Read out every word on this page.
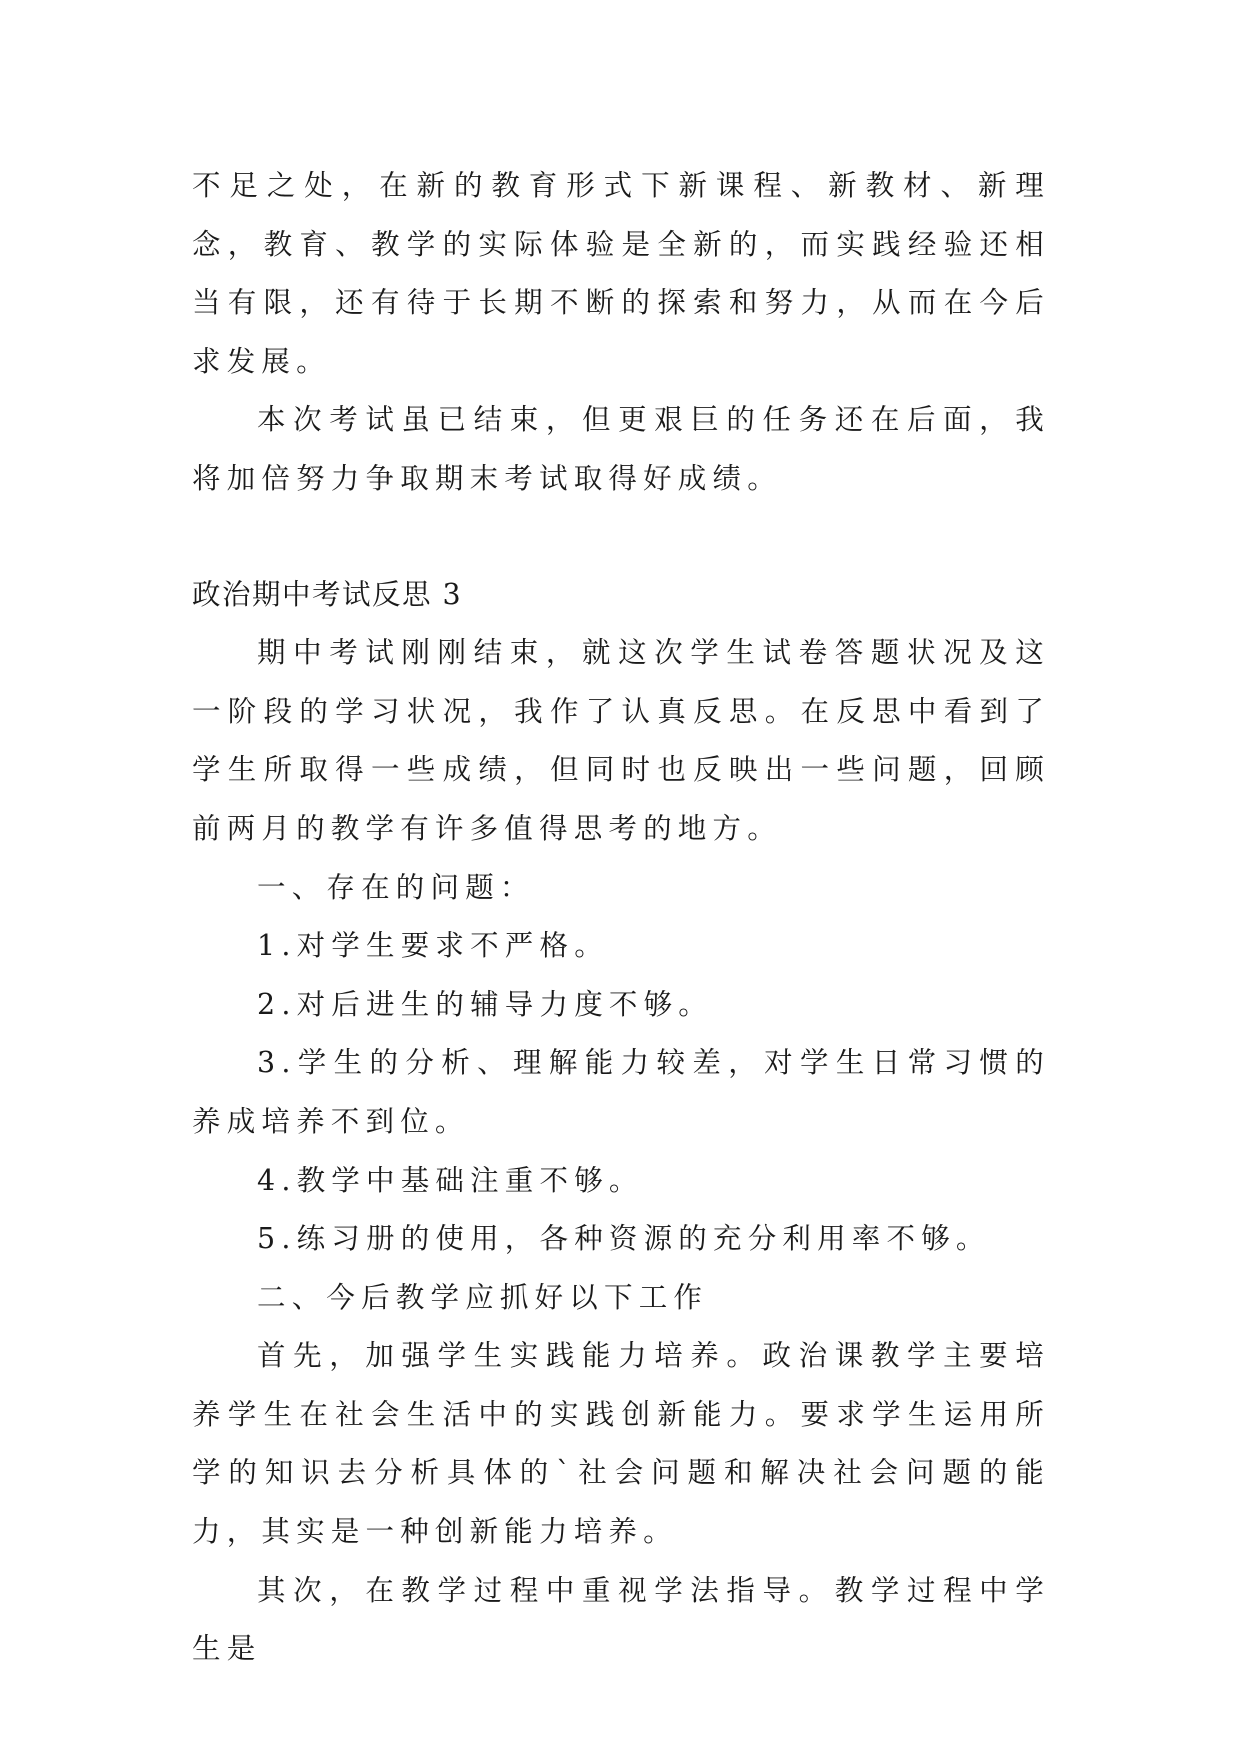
不足之处，在新的教育形式下新课程、新教材、新理念，教育、教学的实际体验是全新的，而实践经验还相当有限，还有待于长期不断的探索和努力，从而在今后求发展。

本次考试虽已结束，但更艰巨的任务还在后面，我将加倍努力争取期末考试取得好成绩。

政治期中考试反思 3

期中考试刚刚结束，就这次学生试卷答题状况及这一阶段的学习状况，我作了认真反思。在反思中看到了学生所取得一些成绩，但同时也反映出一些问题，回顾前两月的教学有许多值得思考的地方。

一、存在的问题：

1.对学生要求不严格。

2.对后进生的辅导力度不够。

3.学生的分析、理解能力较差，对学生日常习惯的养成培养不到位。

4.教学中基础注重不够。

5.练习册的使用，各种资源的充分利用率不够。

二、今后教学应抓好以下工作

首先，加强学生实践能力培养。政治课教学主要培养学生在社会生活中的实践创新能力。要求学生运用所学的知识去分析具体的`社会问题和解决社会问题的能力，其实是一种创新能力培养。

其次，在教学过程中重视学法指导。教学过程中学生是
